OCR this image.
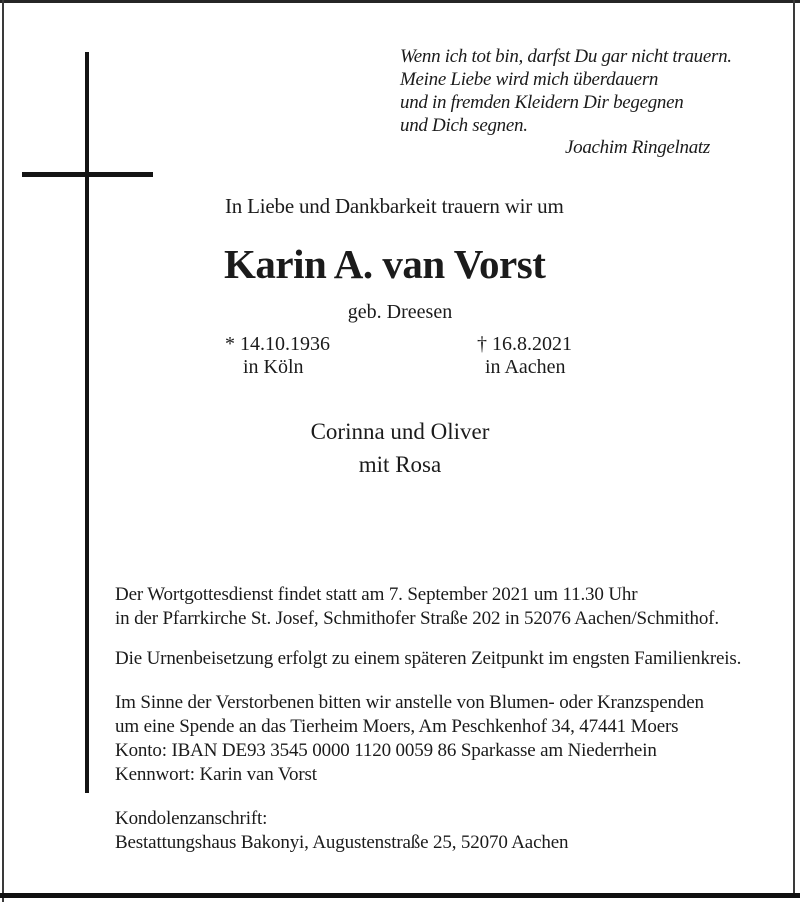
Wenn ich tot bin, darfst Du gar nicht trauern.
Meine Liebe wird mich überdauern
und in fremden Kleidern Dir begegnen
und Dich segnen.
Joachim Ringelnatz
In Liebe und Dankbarkeit trauern wir um
Karin A. van Vorst
geb. Dreesen
* 14.10.1936
in Köln
† 16.8.2021
in Aachen
Corinna und Oliver
mit Rosa
Der Wortgottesdienst findet statt am 7. September 2021 um 11.30 Uhr
in der Pfarrkirche St. Josef, Schmithofer Straße 202 in 52076 Aachen/Schmithof.
Die Urnenbeisetzung erfolgt zu einem späteren Zeitpunkt im engsten Familienkreis.
Im Sinne der Verstorbenen bitten wir anstelle von Blumen- oder Kranzspenden
um eine Spende an das Tierheim Moers, Am Peschkenhof 34, 47441 Moers
Konto: IBAN DE93 3545 0000 1120 0059 86 Sparkasse am Niederrhein
Kennwort: Karin van Vorst
Kondolenzanschrift:
Bestattungshaus Bakonyi, Augustenstraße 25, 52070 Aachen
